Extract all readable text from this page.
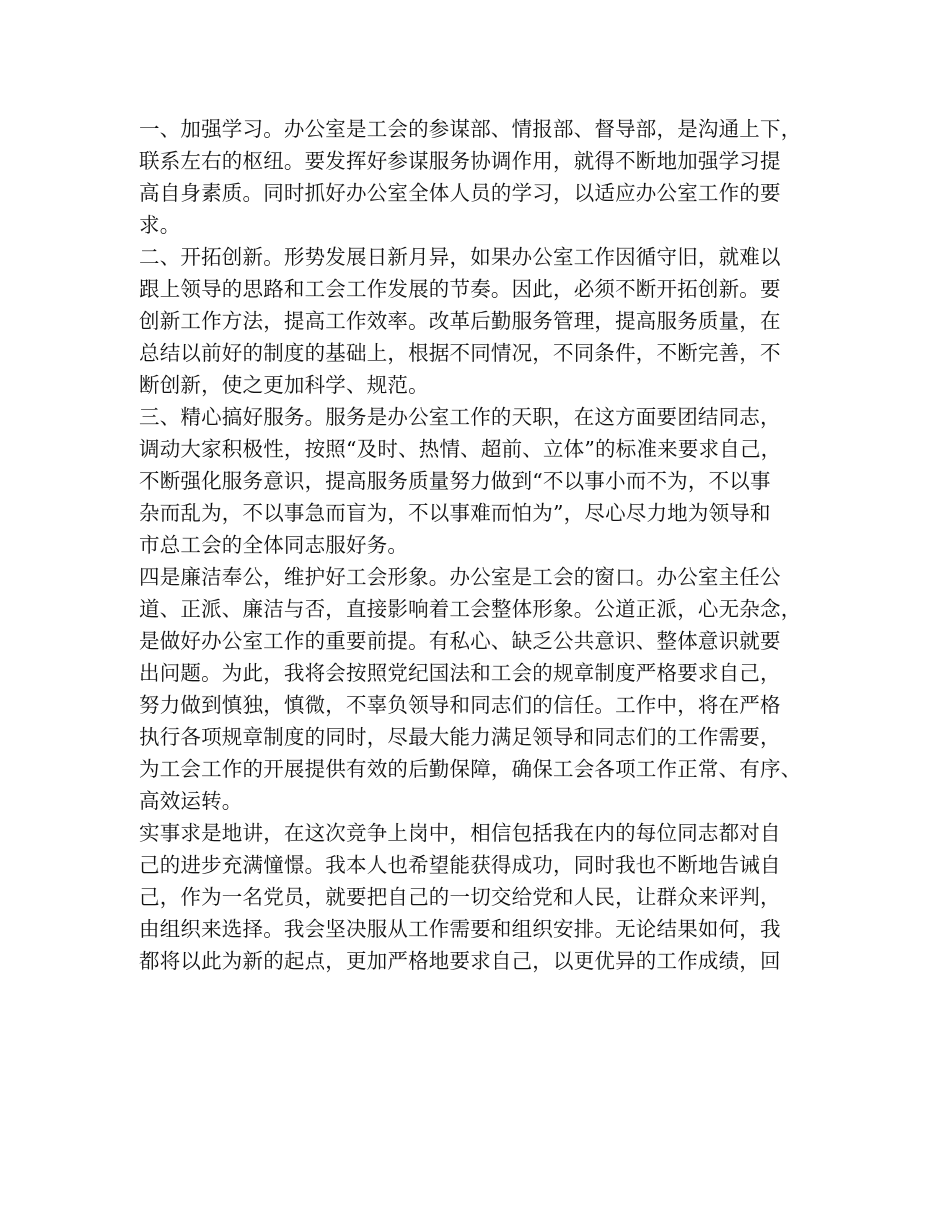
一、加强学习。办公室是工会的参谋部、情报部、督导部，是沟通上下，
联系左右的枢纽。要发挥好参谋服务协调作用，就得不断地加强学习提
高自身素质。同时抓好办公室全体人员的学习，以适应办公室工作的要
求。
二、开拓创新。形势发展日新月异，如果办公室工作因循守旧，就难以
跟上领导的思路和工会工作发展的节奏。因此，必须不断开拓创新。要
创新工作方法，提高工作效率。改革后勤服务管理，提高服务质量，在
总结以前好的制度的基础上，根据不同情况，不同条件，不断完善，不
断创新，使之更加科学、规范。
三、精心搞好服务。服务是办公室工作的天职，在这方面要团结同志，
调动大家积极性，按照“及时、热情、超前、立体”的标准来要求自己，
不断强化服务意识，提高服务质量努力做到“不以事小而不为，不以事
杂而乱为，不以事急而盲为，不以事难而怕为”，尽心尽力地为领导和
市总工会的全体同志服好务。
四是廉洁奉公，维护好工会形象。办公室是工会的窗口。办公室主任公
道、正派、廉洁与否，直接影响着工会整体形象。公道正派，心无杂念，
是做好办公室工作的重要前提。有私心、缺乏公共意识、整体意识就要
出问题。为此，我将会按照党纪国法和工会的规章制度严格要求自己，
努力做到慎独，慎微，不辜负领导和同志们的信任。工作中，将在严格
执行各项规章制度的同时，尽最大能力满足领导和同志们的工作需要，
为工会工作的开展提供有效的后勤保障，确保工会各项工作正常、有序、
高效运转。
实事求是地讲，在这次竞争上岗中，相信包括我在内的每位同志都对自
己的进步充满憧憬。我本人也希望能获得成功，同时我也不断地告诫自
己，作为一名党员，就要把自己的一切交给党和人民，让群众来评判，
由组织来选择。我会坚决服从工作需要和组织安排。无论结果如何，我
都将以此为新的起点，更加严格地要求自己，以更优异的工作成绩，回
